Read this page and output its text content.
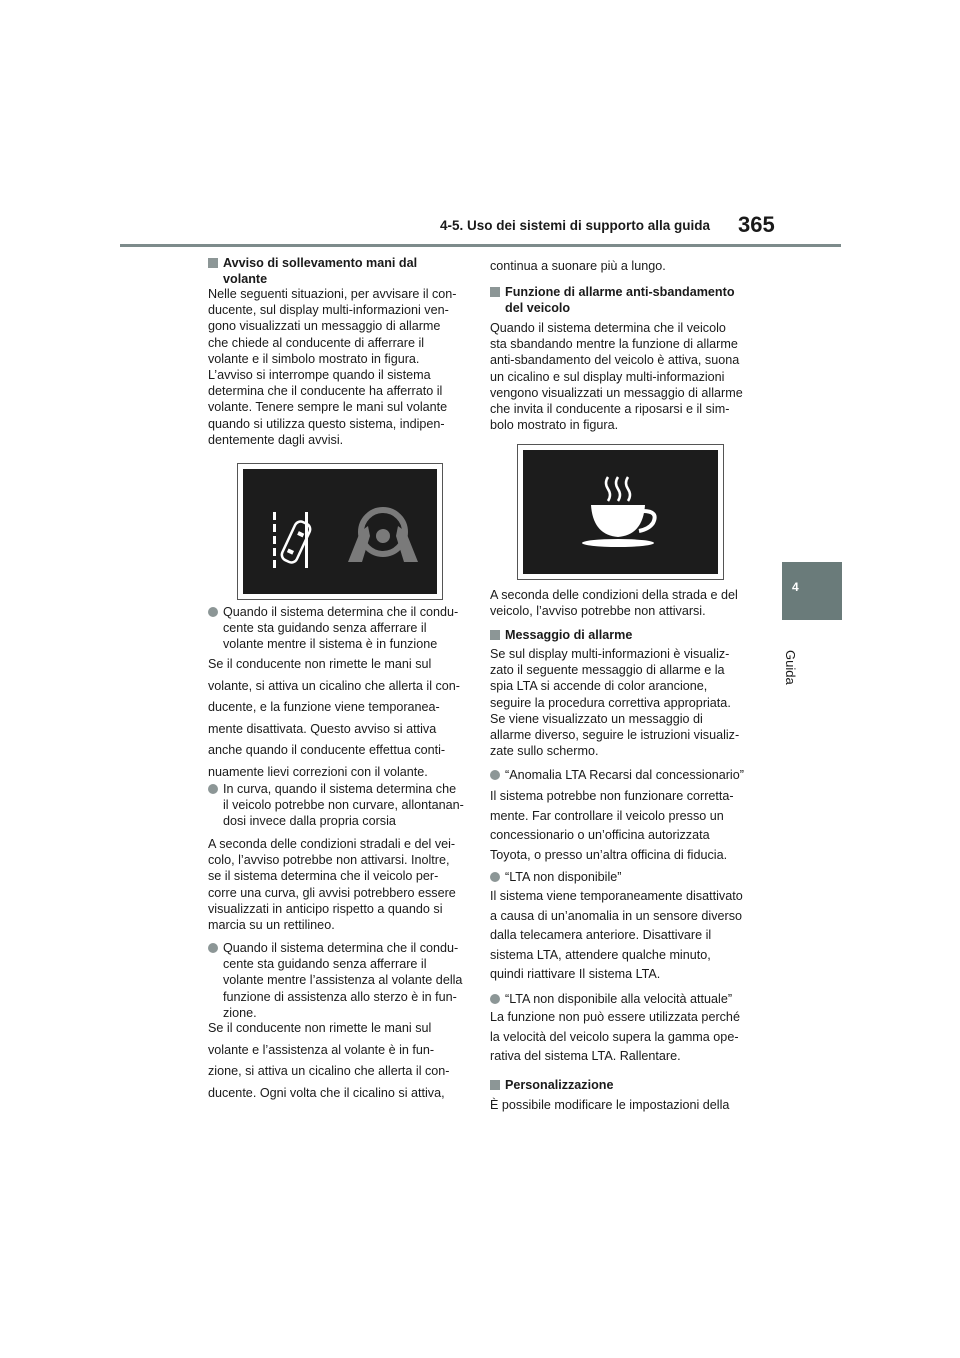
4-5. Uso dei sistemi di supporto alla guida 365
4
Guida
Avviso di sollevamento mani dal
volante
Nelle seguenti situazioni, per avvisare il con-
ducente, sul display multi-informazioni ven-
gono visualizzati un messaggio di allarme
che chiede al conducente di afferrare il
volante e il simbolo mostrato in figura.
L’avviso si interrompe quando il sistema
determina che il conducente ha afferrato il
volante. Tenere sempre le mani sul volante
quando si utilizza questo sistema, indipen-
dentemente dagli avvisi.
Quando il sistema determina che il condu-
cente sta guidando senza afferrare il
volante mentre il sistema è in funzione
Se il conducente non rimette le mani sul
volante, si attiva un cicalino che allerta il con-
ducente, e la funzione viene temporanea-
mente disattivata. Questo avviso si attiva
anche quando il conducente effettua conti-
nuamente lievi correzioni con il volante.
In curva, quando il sistema determina che
il veicolo potrebbe non curvare, allontanan-
dosi invece dalla propria corsia
A seconda delle condizioni stradali e del vei-
colo, l’avviso potrebbe non attivarsi. Inoltre,
se il sistema determina che il veicolo per-
corre una curva, gli avvisi potrebbero essere
visualizzati in anticipo rispetto a quando si
marcia su un rettilineo.
Quando il sistema determina che il condu-
cente sta guidando senza afferrare il
volante mentre l’assistenza al volante della
funzione di assistenza allo sterzo è in fun-
zione.
Se il conducente non rimette le mani sul
volante e l’assistenza al volante è in fun-
zione, si attiva un cicalino che allerta il con-
ducente. Ogni volta che il cicalino si attiva,
continua a suonare più a lungo.
Funzione di allarme anti-sbandamento
del veicolo
Quando il sistema determina che il veicolo
sta sbandando mentre la funzione di allarme
anti-sbandamento del veicolo è attiva, suona
un cicalino e sul display multi-informazioni
vengono visualizzati un messaggio di allarme
che invita il conducente a riposarsi e il sim-
bolo mostrato in figura.
A seconda delle condizioni della strada e del
veicolo, l’avviso potrebbe non attivarsi.
Messaggio di allarme
Se sul display multi-informazioni è visualiz-
zato il seguente messaggio di allarme e la
spia LTA si accende di color arancione,
seguire la procedura correttiva appropriata.
Se viene visualizzato un messaggio di
allarme diverso, seguire le istruzioni visualiz-
zate sullo schermo.
“Anomalia LTA Recarsi dal concessionario”
Il sistema potrebbe non funzionare corretta-
mente. Far controllare il veicolo presso un
concessionario o un’officina autorizzata
Toyota, o presso un’altra officina di fiducia.
“LTA non disponibile”
Il sistema viene temporaneamente disattivato
a causa di un’anomalia in un sensore diverso
dalla telecamera anteriore. Disattivare il
sistema LTA, attendere qualche minuto,
quindi riattivare Il sistema LTA.
“LTA non disponibile alla velocità attuale”
La funzione non può essere utilizzata perché
la velocità del veicolo supera la gamma ope-
rativa del sistema LTA. Rallentare.
Personalizzazione
È possibile modificare le impostazioni della
